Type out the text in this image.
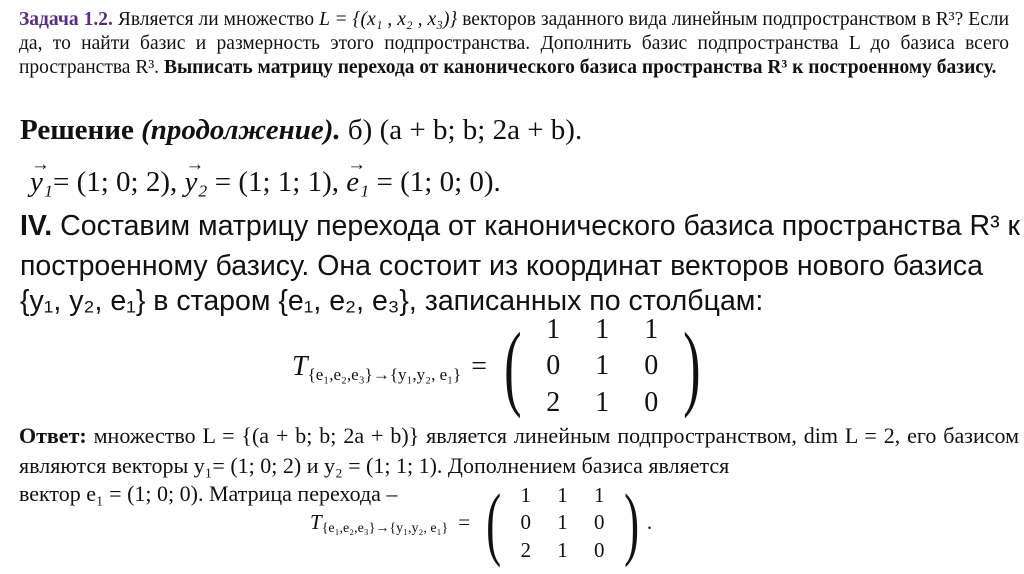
Задача 1.2. Является ли множество L = {(x₁ , x₂ , x₃)} векторов заданного вида линейным подпространством в R³? Если да, то найти базис и размерность этого подпространства. Дополнить базис подпространства L до базиса всего пространства R³. Выписать матрицу перехода от канонического базиса пространства R³ к построенному базису.
Решение (продолжение). б) (a + b; b; 2a + b).
→ y₁= (1; 0; 2), → y₂ = (1; 1; 1), → e₁ = (1; 0; 0).
IV. Составим матрицу перехода от канонического базиса пространства R³ к
построенному базису. Она состоит из координат векторов нового базиса
{y₁, y₂, e₁} в старом {e₁, e₂, e₃}, записанных по столбцам:
T {e₁,e₂,e₃}→{y₁,y₂, e₁} = ( 1	1	1
0	1	0
2	1	0 )
Ответ: множество L = {(a + b; b; 2a + b)} является линейным подпространством, dim L = 2, его базисом являются векторы y₁= (1; 0; 2) и y₂ = (1; 1; 1). Дополнением базиса является
вектор e₁ = (1; 0; 0). Матрица перехода –
T {e₁,e₂,e₃}→{y₁,y₂, e₁} = ( 1	1	1
0	1	0
2	1	0 ) .
